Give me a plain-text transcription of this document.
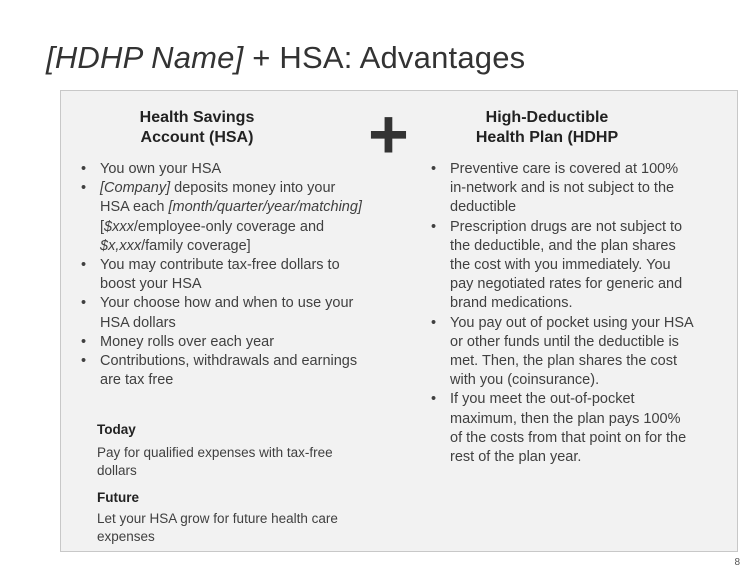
[HDHP Name] + HSA: Advantages
Health Savings
Account (HSA)	+	High-Deductible
Health Plan (HDHP
• You own your HSA
• [Company] deposits money into your HSA each [month/quarter/year/matching] [$xxx/employee-only coverage and $x,xxx/family coverage]
• You may contribute tax-free dollars to boost your HSA
• Your choose how and when to use your HSA dollars
• Money rolls over each year
• Contributions, withdrawals and earnings are tax free
Today
Pay for qualified expenses with tax-free dollars
Future
Let your HSA grow for future health care expenses
• Preventive care is covered at 100% in-network and is not subject to the deductible
• Prescription drugs are not subject to the deductible, and the plan shares the cost with you immediately. You pay negotiated rates for generic and brand medications.
• You pay out of pocket using your HSA or other funds until the deductible is met. Then, the plan shares the cost with you (coinsurance).
• If you meet the out-of-pocket maximum, then the plan pays 100% of the costs from that point on for the rest of the plan year.
8
